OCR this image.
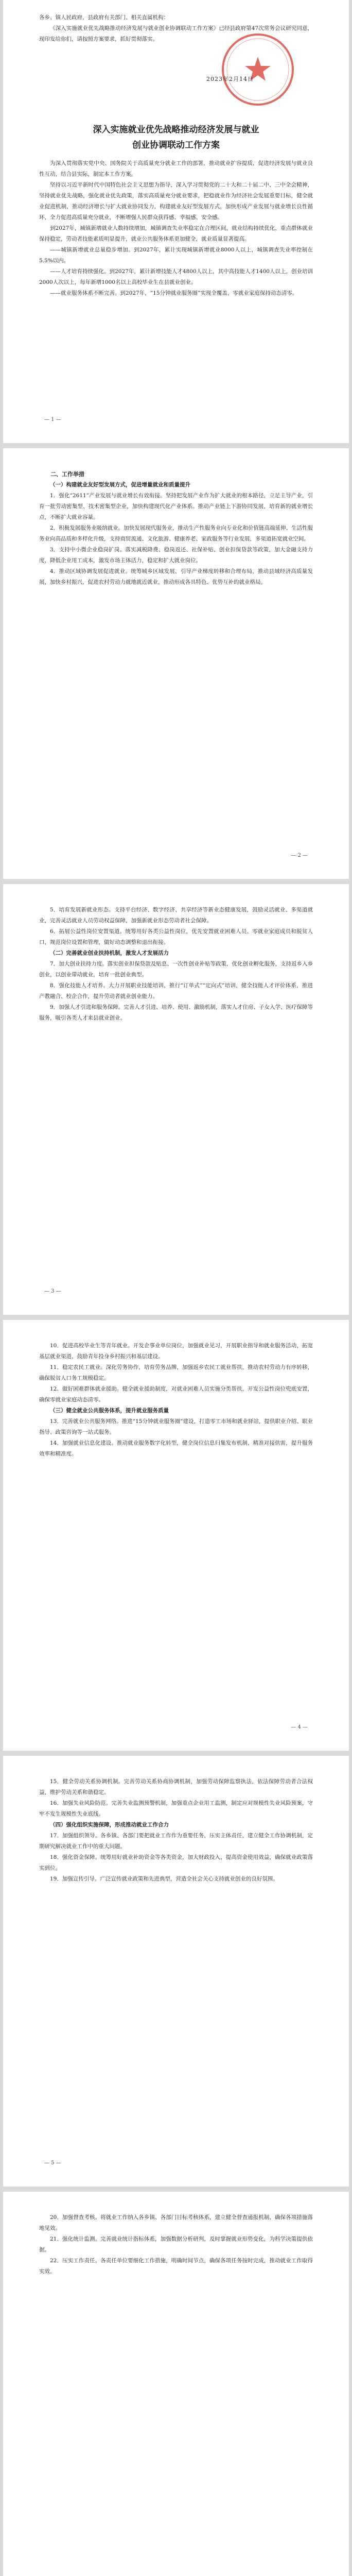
各乡、镇人民政府，县政府有关部门、相关直属机构：

《深入实施就业优先战略推动经济发展与就业创业协调联动工作方案》已经县政府第47次常务会议研究同意，现印发给你们，请按照方案要求，抓好贯彻落实。

2023年2月14日

深入实施就业优先战略推动经济发展与就业

创业协调联动工作方案

为深入贯彻落实党中央、国务院关于高质量充分就业工作的部署，推动就业扩容提质，促进经济发展与就业良性互动，结合县实际，制定本工作方案。

坚持以习近平新时代中国特色社会主义思想为指导，深入学习贯彻党的二十大和二十届二中、三中全会精神，坚持就业优先战略，强化就业优先政策，落实高质量充分就业要求，把稳就业作为经济社会发展重要目标，健全就业促进机制，推动经济增长与扩大就业协同发力，构建就业友好型发展方式，加快形成产业发展与就业增长良性循环，全力促进高质量充分就业，不断增强人民群众获得感、幸福感、安全感。

到2027年，城镇新增就业人数持续增加，城镇调查失业率稳定在合理区间，就业结构持续优化，重点群体就业保持稳定，劳动者技能素质明显提升，就业公共服务体系更加健全，就业质量显著提高。

——城镇新增就业总量稳步增加。到2027年，累计实现城镇新增就业8000人以上，城镇调查失业率控制在5.5%以内。

——人才培育持续强化。到2027年，累计新增技能人才4800人以上，其中高技能人才1400人以上，创业培训2000人次以上，每年新增1000名以上高校毕业生在县就业创业。

——就业服务体系不断完善。到2027年，“15分钟就业服务圈”实现全覆盖，零就业家庭保持动态清零。

— 1 —

二、工作举措

（一）构建就业友好型发展方式，促进增量就业和质量提升

1．强化“2611”产业发展与就业增长有效衔接。坚持把发展产业作为扩大就业的根本路径，立足主导产业，引育一批劳动密集型、技术密集型企业，加快构建现代化产业体系。推动产业链上下游协同发展，培育新的就业增长点，不断扩大就业容量。

2．积极发展服务业吸纳就业。加快发展现代服务业，推动生产性服务业向专业化和价值链高端延伸、生活性服务业向高品质和多样化升级，支持商贸流通、文化旅游、健康养老、家政服务等行业发展，多渠道拓宽就业空间。

3．支持中小微企业稳岗扩岗。落实减税降费、稳岗返还、社保补贴、创业担保贷款等政策，加大金融支持力度，降低企业用工成本，激发市场主体活力，稳定和扩大就业岗位。

4．推动区域协调发展促进就业。统筹城乡区域发展，引导产业梯度转移和合理布局，推动县域经济高质量发展，加快乡村振兴，促进农村劳动力就地就近就业，推动形成各具特色、优势互补的就业格局。

— 2 —

5．培育发展新就业形态。支持平台经济、数字经济、共享经济等新业态健康发展，鼓励灵活就业、多渠道就业，完善灵活就业人员劳动权益保障，加强新就业形态劳动者社会保障。

6．拓展公益性岗位安置渠道。统筹用好各类公益性岗位，优先安置就业困难人员、零就业家庭成员和脱贫人口，规范岗位设置和管理，做好动态调整和退出衔接。

（二）完善就业创业扶持机制，激发人才发展活力

7．加大创业扶持力度。落实创业担保贷款及贴息、一次性创业补贴等政策，优化创业孵化服务，支持返乡入乡创业，以创业带动就业，培育一批创业典型。

8．强化技能人才培养。大力开展职业技能培训，推行“订单式”“定向式”培训，健全技能人才评价体系，推进产教融合、校企合作，提升劳动者就业创业能力。

9．加强人才引进和服务保障。完善人才引进、培养、使用、激励机制，落实人才住房、子女入学、医疗保障等服务，吸引各类人才来县就业创业。

— 3 —

10．促进高校毕业生等青年就业。开发企事业单位岗位，加强就业见习，开展职业指导和就业服务活动，拓宽基层就业渠道，鼓励青年投身乡村振兴和基层建设。

11．稳定农民工就业。深化劳务协作，培育劳务品牌，加强返乡农民工就业帮扶，推动农村劳动力有序转移，确保脱贫人口务工规模稳定。

12．做好困难群体就业援助。健全就业援助制度，对就业困难人员实施分类帮扶，开发公益性岗位兜底安置，确保零就业家庭动态清零。

（三）健全就业公共服务体系，提升就业服务质量

13．完善就业公共服务网络。推进“15分钟就业服务圈”建设，打造零工市场和就业驿站，提供职业介绍、职业指导、政策咨询等一站式服务。

14．加强就业信息化建设。推动就业服务数字化转型，健全岗位信息归集发布机制，精准对接供需，提升服务效率和精准度。

— 4 —

15．健全劳动关系协调机制。完善劳动关系协商协调机制，加强劳动保障监察执法，依法保障劳动者合法权益，维护劳动关系和谐稳定。

16．加强失业风险防范。完善失业监测预警机制，加强重点企业用工监测，制定应对规模性失业风险预案，守牢不发生规模性失业底线。

（四）强化组织实施保障，形成推动就业工作合力

17．加强组织领导。各乡镇、各部门要把就业工作作为重要任务，压实主体责任，建立健全工作协调机制，定期研究解决就业工作中的重大问题。

18．强化资金保障。统筹用好就业补助资金等各类资金，加大财政投入，提高资金使用效益，确保就业政策落实到位。

19．加强宣传引导。广泛宣传就业政策和先进典型，营造全社会关心支持就业创业的良好氛围。

— 5 —

20．加强督查考核。将就业工作纳入各乡镇、各部门目标考核体系，建立健全督查通报机制，确保各项措施落地见效。

21．强化统计监测。完善就业统计指标体系，加强数据分析研判，及时掌握就业形势变化，为科学决策提供依据。

22．压实工作责任。各责任单位要细化工作措施，明确时间节点，确保各项任务按时完成，推动就业工作取得实效。
